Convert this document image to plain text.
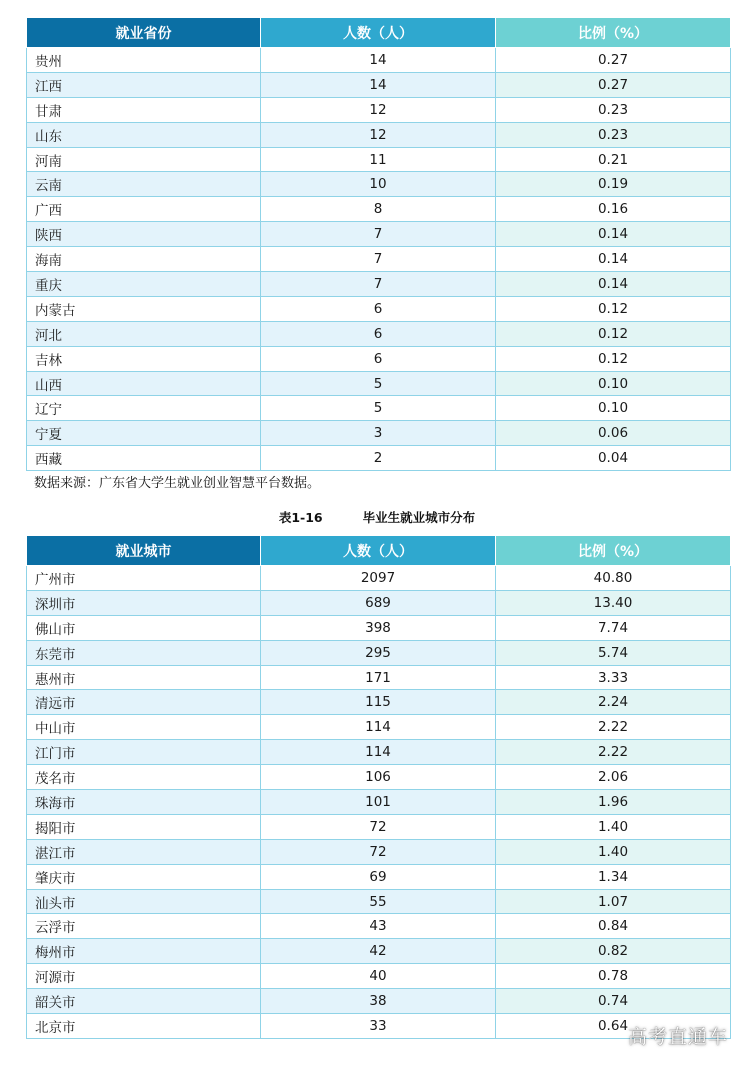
就业省份	人数（人）	比例（%）
贵州	14	0.27
江西	14	0.27
甘肃	12	0.23
山东	12	0.23
河南	11	0.21
云南	10	0.19
广西	8	0.16
陕西	7	0.14
海南	7	0.14
重庆	7	0.14
内蒙古	6	0.12
河北	6	0.12
吉林	6	0.12
山西	5	0.10
辽宁	5	0.10
宁夏	3	0.06
西藏	2	0.04
数据来源：广东省大学生就业创业智慧平台数据。
表1-16	毕业生就业城市分布
就业城市	人数（人）	比例（%）
广州市	2097	40.80
深圳市	689	13.40
佛山市	398	7.74
东莞市	295	5.74
惠州市	171	3.33
清远市	115	2.24
中山市	114	2.22
江门市	114	2.22
茂名市	106	2.06
珠海市	101	1.96
揭阳市	72	1.40
湛江市	72	1.40
肇庆市	69	1.34
汕头市	55	1.07
云浮市	43	0.84
梅州市	42	0.82
河源市	40	0.78
韶关市	38	0.74
北京市	33	0.64
高考直通车
